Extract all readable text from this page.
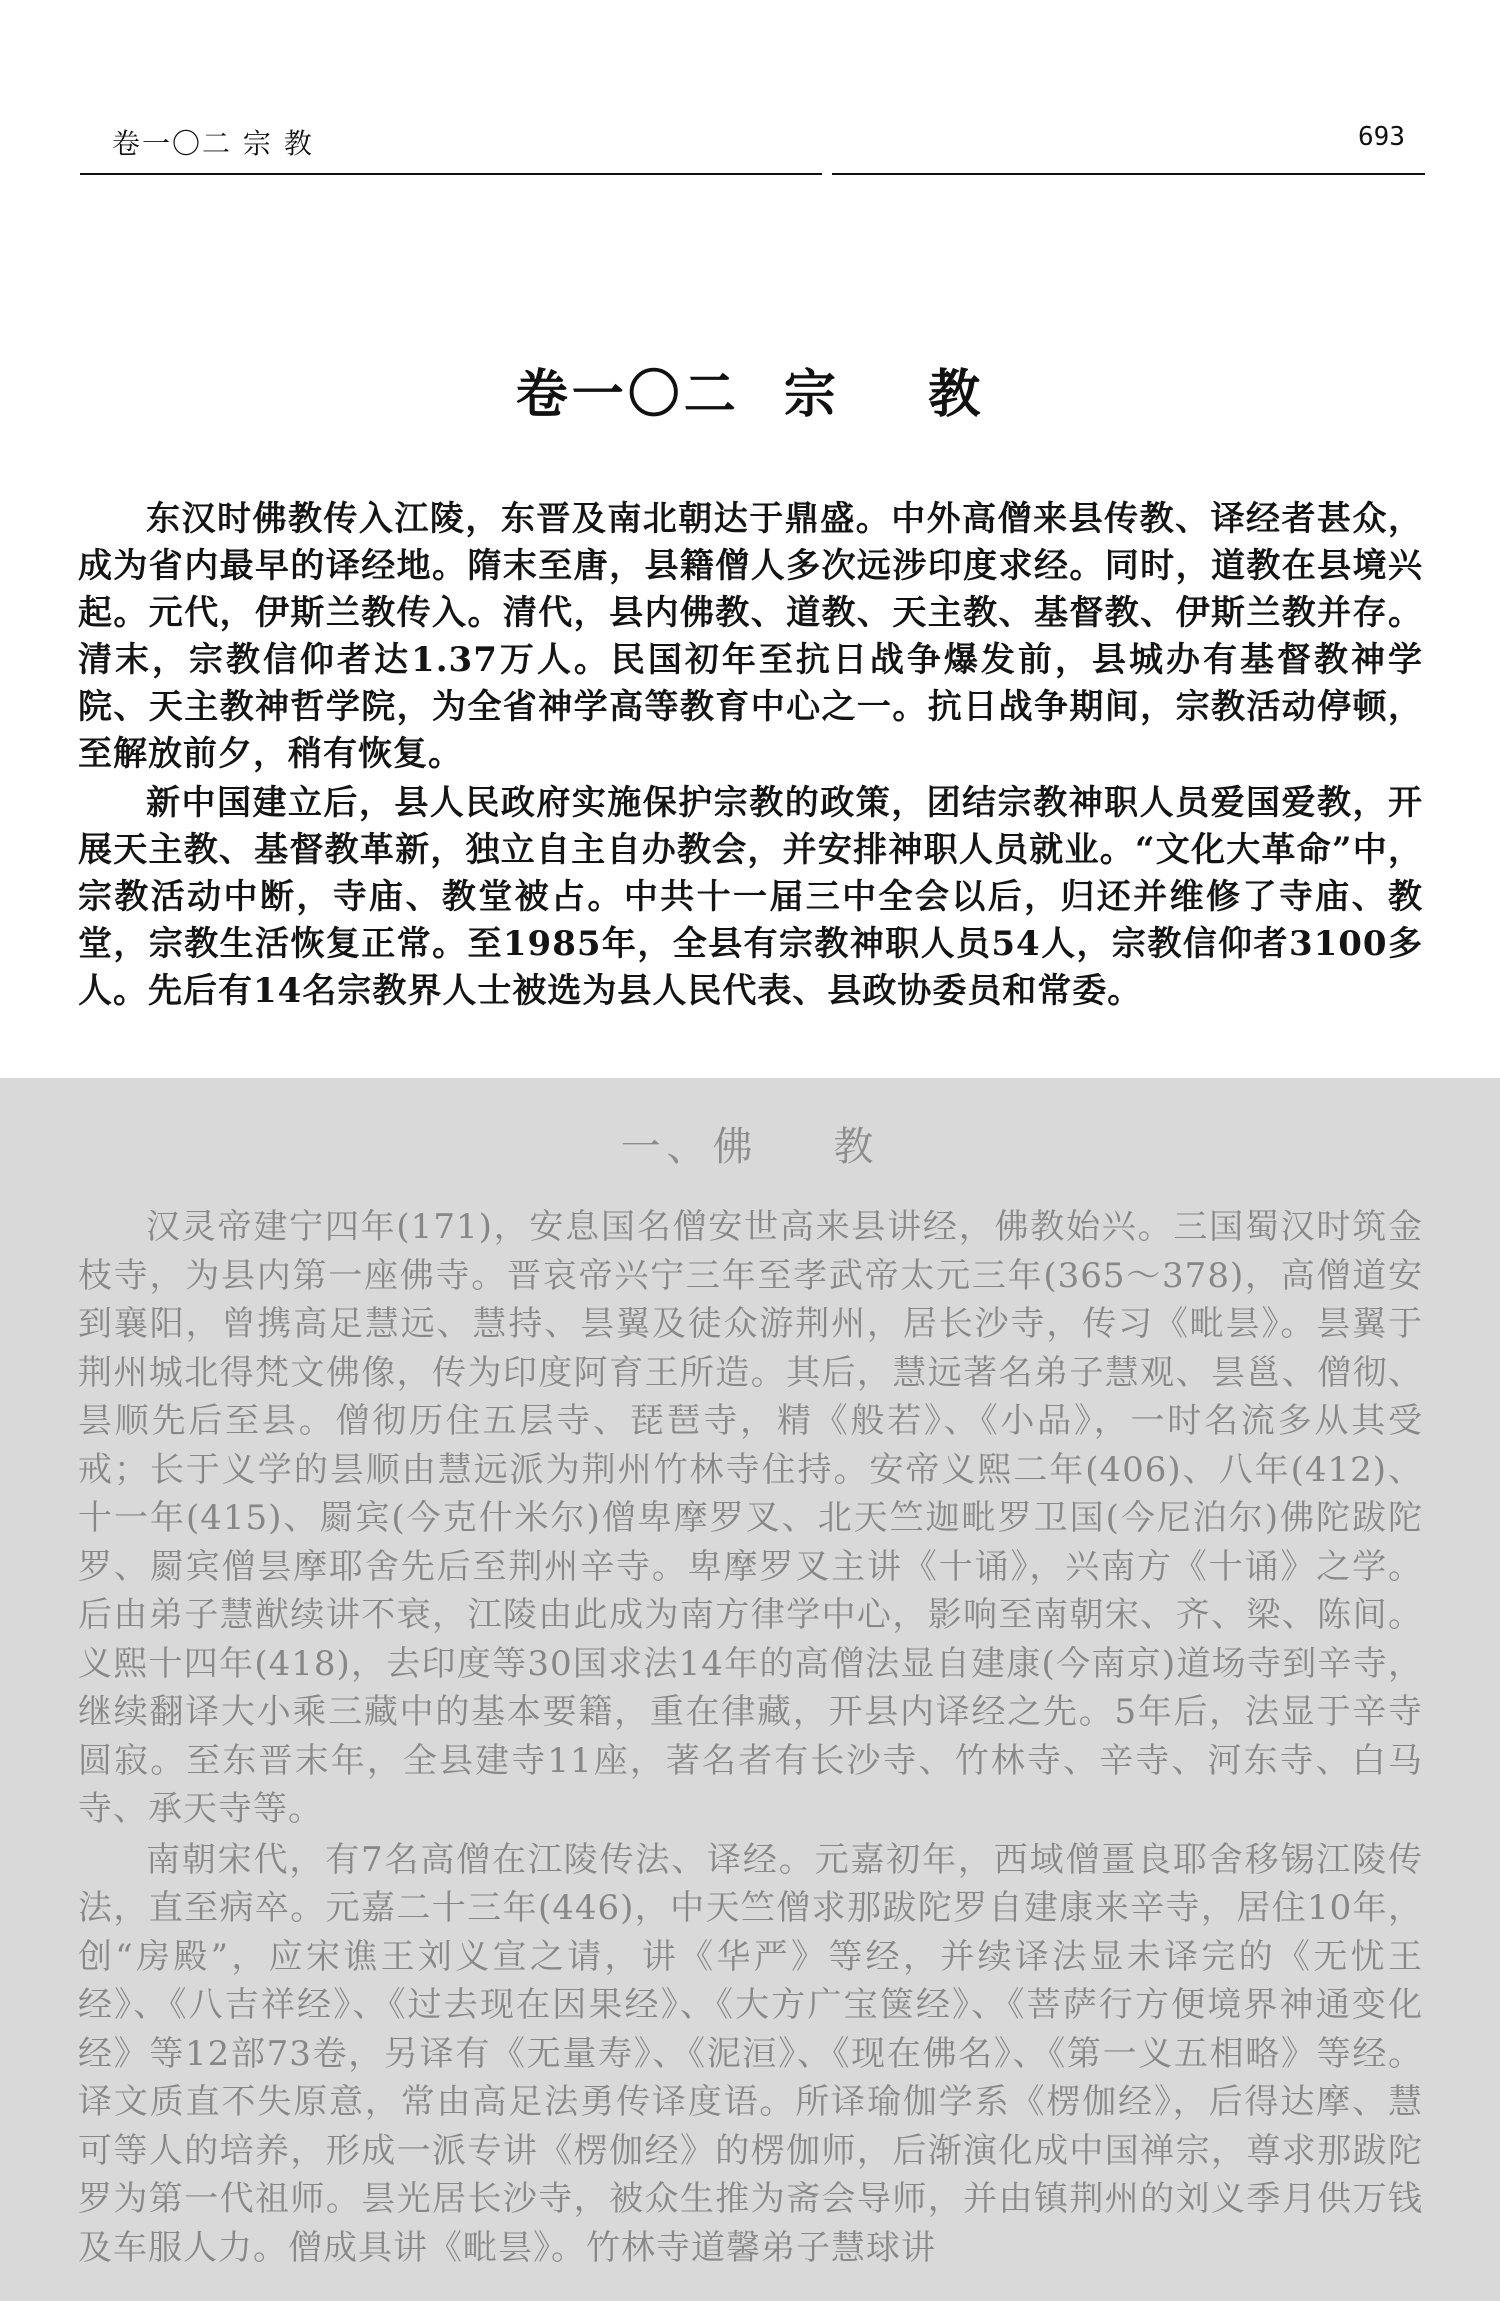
卷一〇二 宗 教	693
卷一〇二  宗    教

东汉时佛教传入江陵，东晋及南北朝达于鼎盛。中外高僧来县传教、译经者甚众，成为省内最早的译经地。隋末至唐，县籍僧人多次远涉印度求经。同时，道教在县境兴起。元代，伊斯兰教传入。清代，县内佛教、道教、天主教、基督教、伊斯兰教并存。清末，宗教信仰者达1.37万人。民国初年至抗日战争爆发前，县城办有基督教神学院、天主教神哲学院，为全省神学高等教育中心之一。抗日战争期间，宗教活动停顿，至解放前夕，稍有恢复。

新中国建立后，县人民政府实施保护宗教的政策，团结宗教神职人员爱国爱教，开展天主教、基督教革新，独立自主自办教会，并安排神职人员就业。“文化大革命”中，宗教活动中断，寺庙、教堂被占。中共十一届三中全会以后，归还并维修了寺庙、教堂，宗教生活恢复正常。至1985年，全县有宗教神职人员54人，宗教信仰者3100多人。先后有14名宗教界人士被选为县人民代表、县政协委员和常委。

一、佛    教

汉灵帝建宁四年(171)，安息国名僧安世高来县讲经，佛教始兴。三国蜀汉时筑金枝寺，为县内第一座佛寺。晋哀帝兴宁三年至孝武帝太元三年(365～378)，高僧道安到襄阳，曾携高足慧远、慧持、昙翼及徒众游荆州，居长沙寺，传习《毗昙》。昙翼于荆州城北得梵文佛像，传为印度阿育王所造。其后，慧远著名弟子慧观、昙邕、僧彻、昙顺先后至县。僧彻历住五层寺、琵琶寺，精《般若》、《小品》，一时名流多从其受戒；长于义学的昙顺由慧远派为荆州竹林寺住持。安帝义熙二年(406)、八年(412)、十一年(415)、罽宾(今克什米尔)僧卑摩罗叉、北天竺迦毗罗卫国(今尼泊尔)佛陀跋陀罗、罽宾僧昙摩耶舍先后至荆州辛寺。卑摩罗叉主讲《十诵》，兴南方《十诵》之学。后由弟子慧猷续讲不衰，江陵由此成为南方律学中心，影响至南朝宋、齐、梁、陈间。义熙十四年(418)，去印度等30国求法14年的高僧法显自建康(今南京)道场寺到辛寺，继续翻译大小乘三藏中的基本要籍，重在律藏，开县内译经之先。5年后，法显于辛寺圆寂。至东晋末年，全县建寺11座，著名者有长沙寺、竹林寺、辛寺、河东寺、白马寺、承天寺等。

南朝宋代，有7名高僧在江陵传法、译经。元嘉初年，西域僧畺良耶舍移锡江陵传法，直至病卒。元嘉二十三年(446)，中天竺僧求那跋陀罗自建康来辛寺，居住10年，创“房殿”，应宋谯王刘义宣之请，讲《华严》等经，并续译法显未译完的《无忧王经》、《八吉祥经》、《过去现在因果经》、《大方广宝箧经》、《菩萨行方便境界神通变化经》等12部73卷，另译有《无量寿》、《泥洹》、《现在佛名》、《第一义五相略》等经。译文质直不失原意，常由高足法勇传译度语。所译瑜伽学系《楞伽经》，后得达摩、慧可等人的培养，形成一派专讲《楞伽经》的楞伽师，后渐演化成中国禅宗，尊求那跋陀罗为第一代祖师。昙光居长沙寺，被众生推为斋会导师，并由镇荆州的刘义季月供万钱及车服人力。僧成具讲《毗昙》。竹林寺道馨弟子慧球讲
